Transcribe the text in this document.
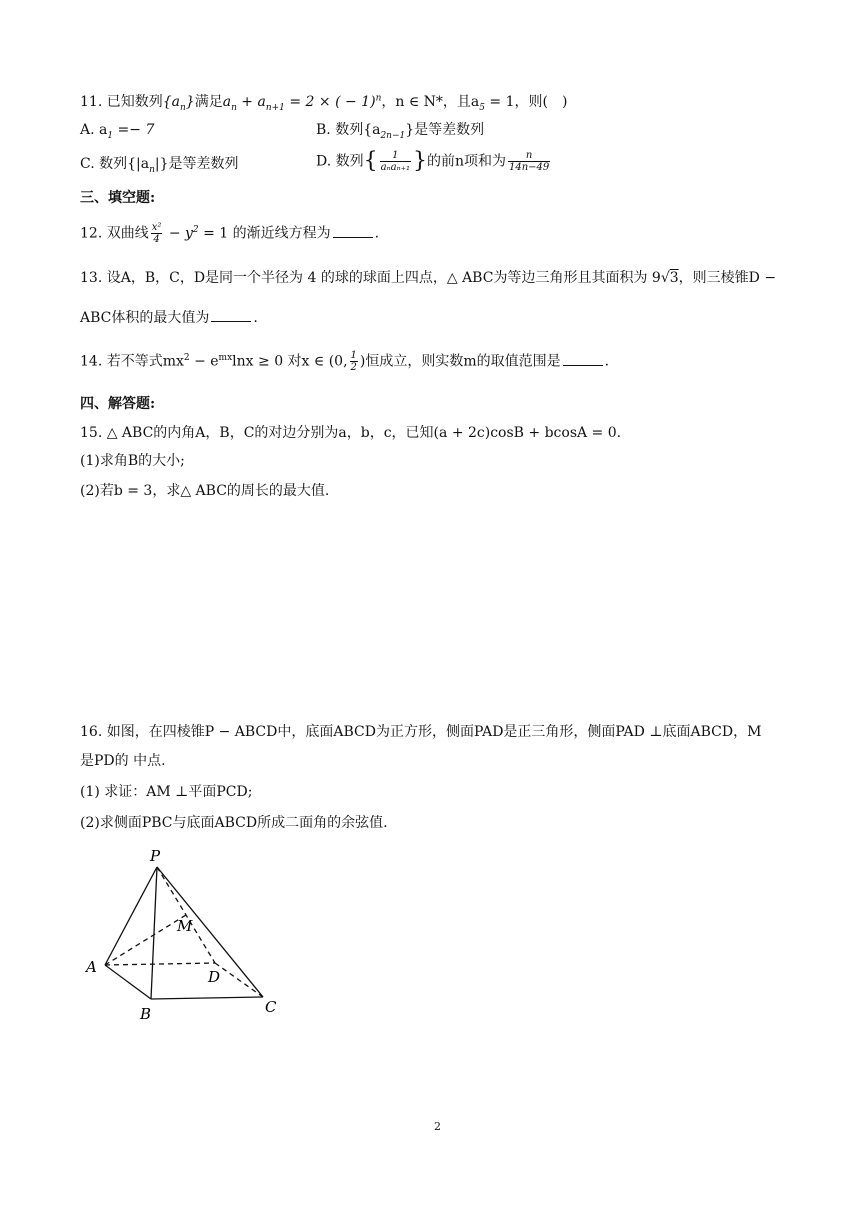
11. 已知数列$\{a_n\}$满足$a_n + a_{n+1} = 2$ × ( − 1)$^n$，n ∈ N*，且$a_5 = 1$，则(　)
A. $a_1 =- 7$	B. 数列$\{a_{2n-1}\}$是等差数列
C. 数列$\{|a_n|\}$是等差数列	D. 数列{ $\frac{1}{\text{aₙaₙ₊₁}}$ }的前n项和为 $\frac{n}{14n-49}$
三、填空题:
12. 双曲线 $\frac{\text{x²}}{4} - y^2 = 1$ 的渐近线方程为	.
13. 设A，B，C，D是同一个半径为 4 的球的球面上四点，△ ABC为等边三角形且其面积为 9√3，则三棱锥D −
ABC体积的最大值为	.
14. 若不等式$mx^2 - e^{mx}\ln x \ge 0$ 对x ∈ (0, $\frac{1}{2}$ )恒成立，则实数m的取值范围是	.
四、解答题:
15. △ ABC的内角A，B，C的对边分别为a，b，c，已知(a + 2c)cosB + bcosA = 0.
(1)求角B的大小;
(2)若b = 3，求△ ABC的周长的最大值.
16. 如图，在四棱锥P − ABCD中，底面ABCD为正方形，侧面PAD是正三角形，侧面PAD ⊥底面ABCD，M
是PD的 中点.
(1) 求证：AM ⊥平面PCD;
(2)求侧面PBC与底面ABCD所成二面角的余弦值.
P
M
A
D
B	C
2
